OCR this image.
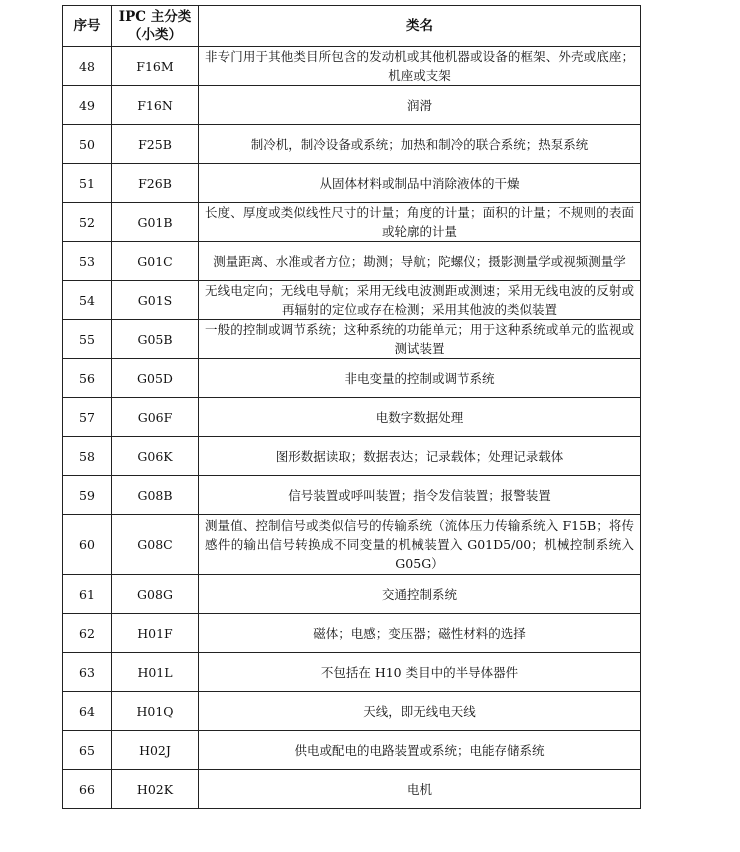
序号	IPC 主分类（小类）	类名
48	F16M	非专门用于其他类目所包含的发动机或其他机器或设备的框架、外壳或底座；机座或支架
49	F16N	润滑
50	F25B	制冷机，制冷设备或系统；加热和制冷的联合系统；热泵系统
51	F26B	从固体材料或制品中消除液体的干燥
52	G01B	长度、厚度或类似线性尺寸的计量；角度的计量；面积的计量；不规则的表面或轮廓的计量
53	G01C	测量距离、水准或者方位；勘测；导航；陀螺仪；摄影测量学或视频测量学
54	G01S	无线电定向；无线电导航；采用无线电波测距或测速；采用无线电波的反射或再辐射的定位或存在检测；采用其他波的类似装置
55	G05B	一般的控制或调节系统；这种系统的功能单元；用于这种系统或单元的监视或测试装置
56	G05D	非电变量的控制或调节系统
57	G06F	电数字数据处理
58	G06K	图形数据读取；数据表达；记录载体；处理记录载体
59	G08B	信号装置或呼叫装置；指令发信装置；报警装置
60	G08C	测量值、控制信号或类似信号的传输系统（流体压力传输系统入 F15B；将传感件的输出信号转换成不同变量的机械装置入 G01D5/00；机械控制系统入 G05G）
61	G08G	交通控制系统
62	H01F	磁体；电感；变压器；磁性材料的选择
63	H01L	不包括在 H10 类目中的半导体器件
64	H01Q	天线，即无线电天线
65	H02J	供电或配电的电路装置或系统；电能存储系统
66	H02K	电机
